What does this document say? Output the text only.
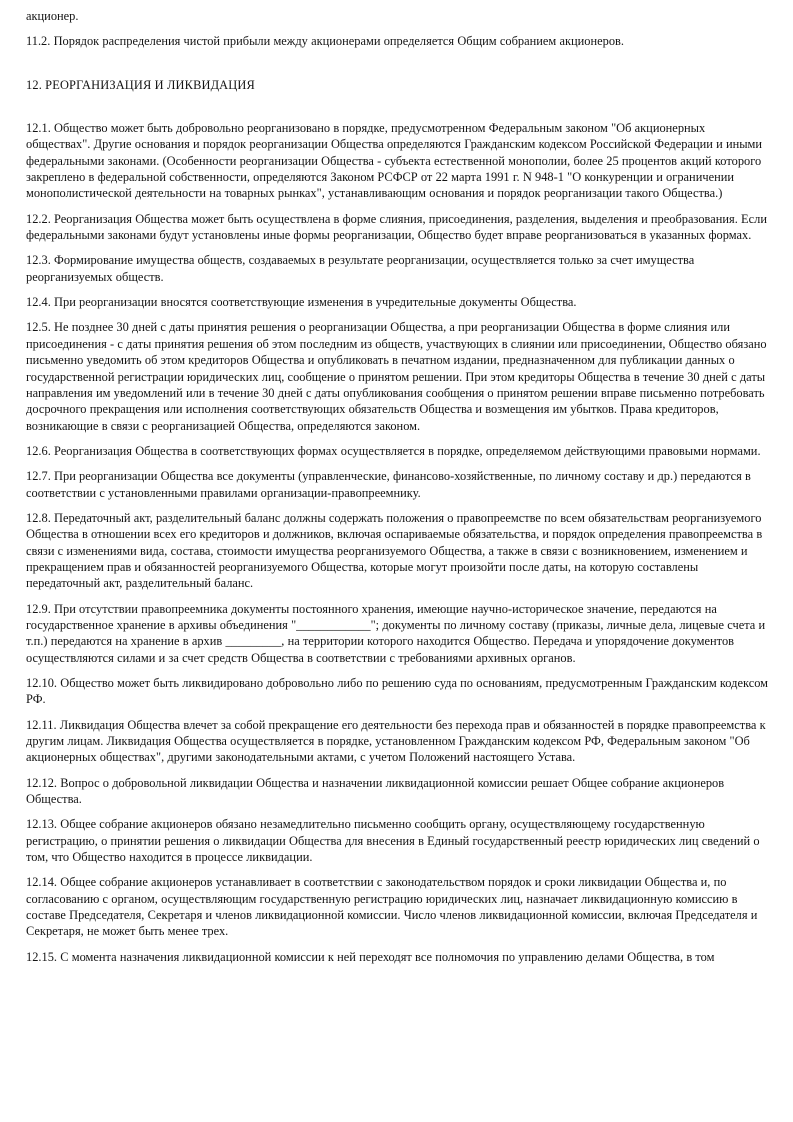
акционер.

11.2. Порядок распределения чистой прибыли между акционерами определяется Общим собранием акционеров.

12. РЕОРГАНИЗАЦИЯ И ЛИКВИДАЦИЯ

12.1. Общество может быть добровольно реорганизовано в порядке, предусмотренном Федеральным законом "Об акционерных обществах". Другие основания и порядок реорганизации Общества определяются Гражданским кодексом Российской Федерации и иными федеральными законами. (Особенности реорганизации Общества - субъекта естественной монополии, более 25 процентов акций которого закреплено в федеральной собственности, определяются Законом РСФСР от 22 марта 1991 г. N 948-1 "О конкуренции и ограничении монополистической деятельности на товарных рынках", устанавливающим основания и порядок реорганизации такого Общества.)

12.2. Реорганизация Общества может быть осуществлена в форме слияния, присоединения, разделения, выделения и преобразования. Если федеральными законами будут установлены иные формы реорганизации, Общество будет вправе реорганизоваться в указанных формах.

12.3. Формирование имущества обществ, создаваемых в результате реорганизации, осуществляется только за счет имущества реорганизуемых обществ.

12.4. При реорганизации вносятся соответствующие изменения в учредительные документы Общества.

12.5. Не позднее 30 дней с даты принятия решения о реорганизации Общества, а при реорганизации Общества в форме слияния или присоединения - с даты принятия решения об этом последним из обществ, участвующих в слиянии или присоединении, Общество обязано письменно уведомить об этом кредиторов Общества и опубликовать в печатном издании, предназначенном для публикации данных о государственной регистрации юридических лиц, сообщение о принятом решении. При этом кредиторы Общества в течение 30 дней с даты направления им уведомлений или в течение 30 дней с даты опубликования сообщения о принятом решении вправе письменно потребовать досрочного прекращения или исполнения соответствующих обязательств Общества и возмещения им убытков. Права кредиторов, возникающие в связи с реорганизацией Общества, определяются законом.

12.6. Реорганизация Общества в соответствующих формах осуществляется в порядке, определяемом действующими правовыми нормами.

12.7. При реорганизации Общества все документы (управленческие, финансово-хозяйственные, по личному составу и др.) передаются в соответствии с установленными правилами организации-правопреемнику.

12.8. Передаточный акт, разделительный баланс должны содержать положения о правопреемстве по всем обязательствам реорганизуемого Общества в отношении всех его кредиторов и должников, включая оспариваемые обязательства, и порядок определения правопреемства в связи с изменениями вида, состава, стоимости имущества реорганизуемого Общества, а также в связи с возникновением, изменением и прекращением прав и обязанностей реорганизуемого Общества, которые могут произойти после даты, на которую составлены передаточный акт, разделительный баланс.

12.9. При отсутствии правопреемника документы постоянного хранения, имеющие научно-историческое значение, передаются на государственное хранение в архивы объединения "____________"; документы по личному составу (приказы, личные дела, лицевые счета и т.п.) передаются на хранение в архив _________, на территории которого находится Общество. Передача и упорядочение документов осуществляются силами и за счет средств Общества в соответствии с требованиями архивных органов.

12.10. Общество может быть ликвидировано добровольно либо по решению суда по основаниям, предусмотренным Гражданским кодексом РФ.

12.11. Ликвидация Общества влечет за собой прекращение его деятельности без перехода прав и обязанностей в порядке правопреемства к другим лицам. Ликвидация Общества осуществляется в порядке, установленном Гражданским кодексом РФ, Федеральным законом "Об акционерных обществах", другими законодательными актами, с учетом Положений настоящего Устава.

12.12. Вопрос о добровольной ликвидации Общества и назначении ликвидационной комиссии решает Общее собрание акционеров Общества.

12.13. Общее собрание акционеров обязано незамедлительно письменно сообщить органу, осуществляющему государственную регистрацию, о принятии решения о ликвидации Общества для внесения в Единый государственный реестр юридических лиц сведений о том, что Общество находится в процессе ликвидации.

12.14. Общее собрание акционеров устанавливает в соответствии с законодательством порядок и сроки ликвидации Общества и, по согласованию с органом, осуществляющим государственную регистрацию юридических лиц, назначает ликвидационную комиссию в составе Председателя, Секретаря и членов ликвидационной комиссии. Число членов ликвидационной комиссии, включая Председателя и Секретаря, не может быть менее трех.

12.15. С момента назначения ликвидационной комиссии к ней переходят все полномочия по управлению делами Общества, в том
